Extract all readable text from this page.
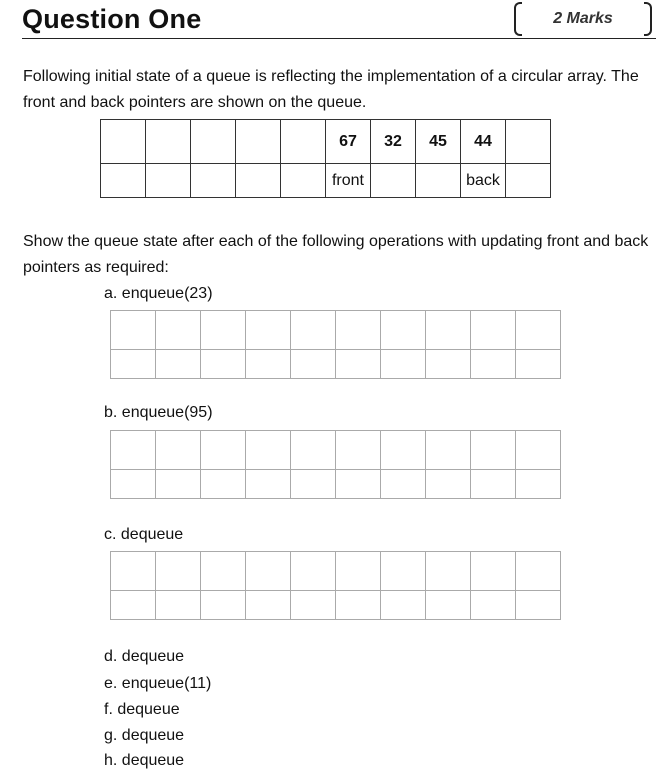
Question One	2 Marks
Following initial state of a queue is reflecting the implementation of a circular array. The front and back pointers are shown on the queue.
					67	32	45	44	
					front			back	
Show the queue state after each of the following operations with updating front and back pointers as required:
a. enqueue(23)

b. enqueue(95)

c. dequeue

d. dequeue
e. enqueue(11)
f. dequeue
g. dequeue
h. dequeue
